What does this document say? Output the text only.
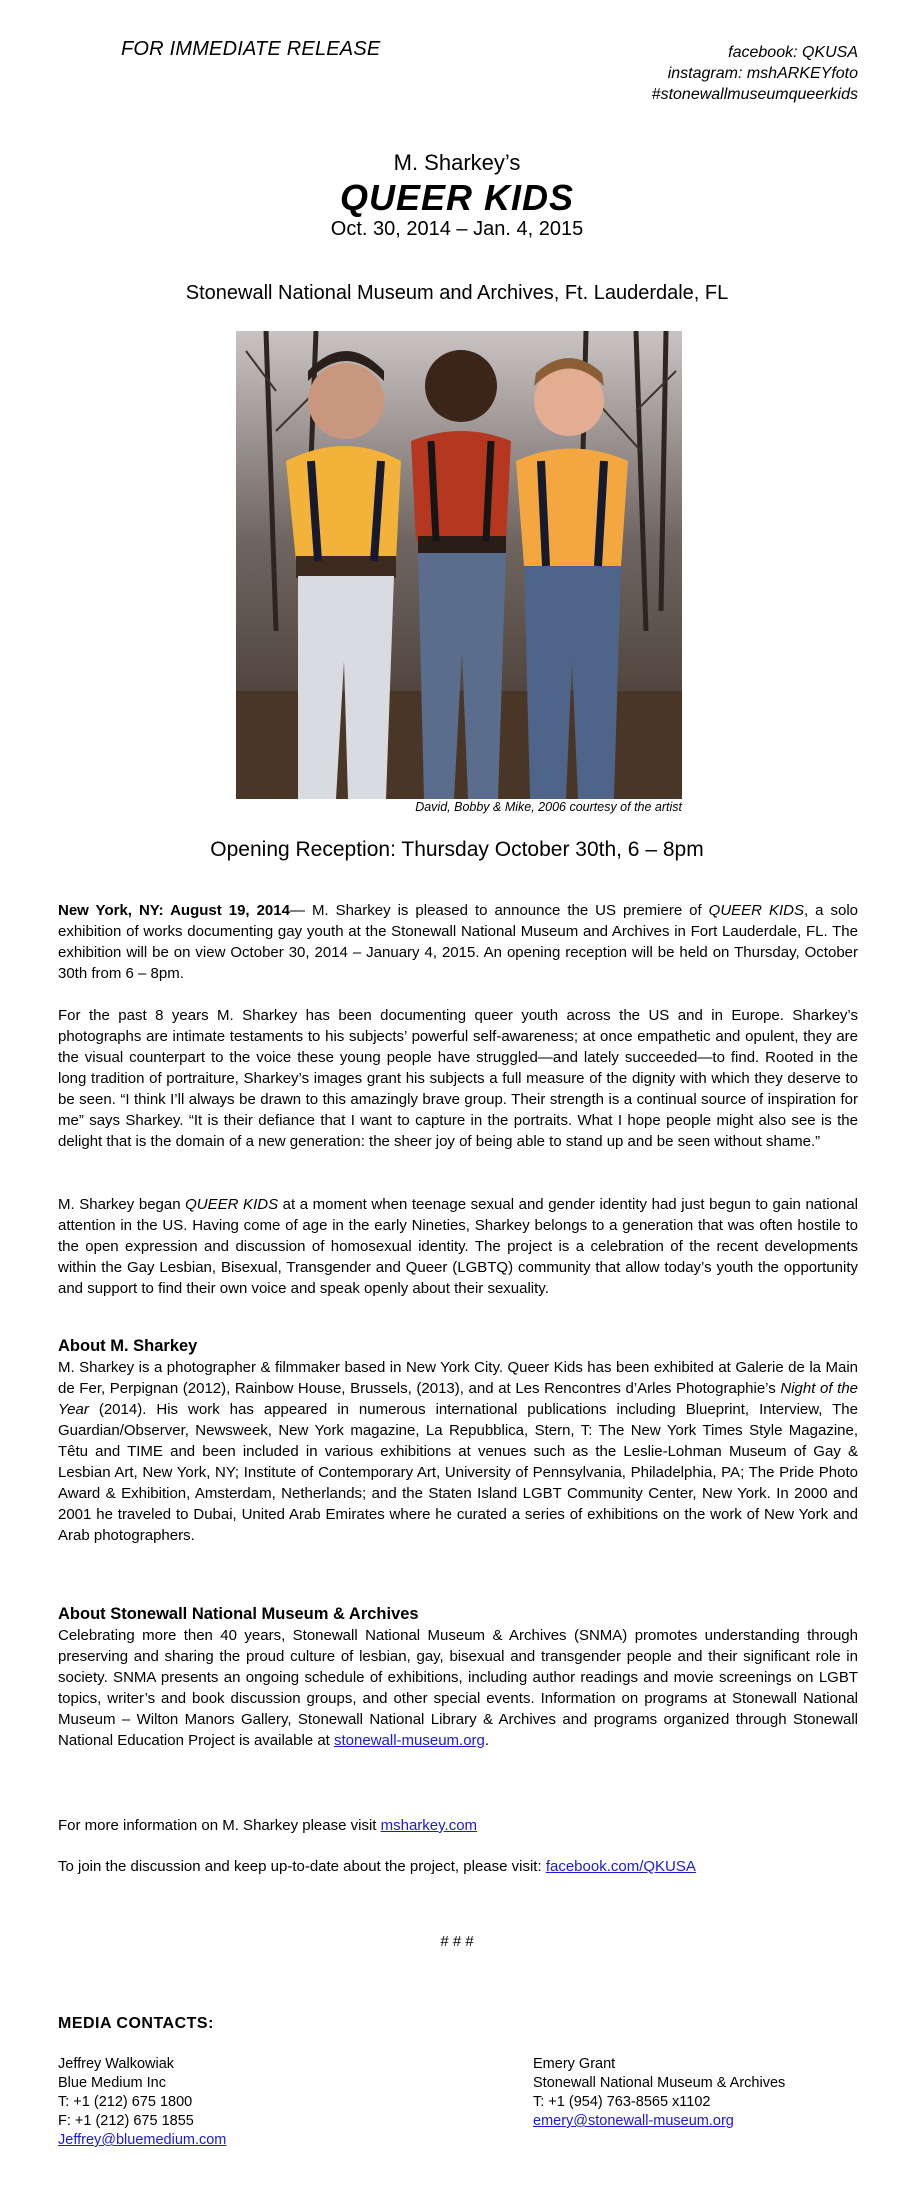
FOR IMMEDIATE RELEASE	facebook: QKUSA
instagram: mshARKEYfoto
#stonewallmuseumqueerkids
M. Sharkey’s
QUEER KIDS
Oct. 30, 2014 – Jan. 4, 2015
Stonewall National Museum and Archives, Ft. Lauderdale, FL
David, Bobby & Mike, 2006 courtesy of the artist
Opening Reception: Thursday October 30th, 6 – 8pm

New York, NY: August 19, 2014— M. Sharkey is pleased to announce the US premiere of QUEER KIDS, a solo exhibition of works documenting gay youth at the Stonewall National Museum and Archives in Fort Lauderdale, FL. The exhibition will be on view October 30, 2014 – January 4, 2015. An opening reception will be held on Thursday, October 30th from 6 – 8pm.

For the past 8 years M. Sharkey has been documenting queer youth across the US and in Europe. Sharkey’s photographs are intimate testaments to his subjects’ powerful self-awareness; at once empathetic and opulent, they are the visual counterpart to the voice these young people have struggled—and lately succeeded—to find. Rooted in the long tradition of portraiture, Sharkey’s images grant his subjects a full measure of the dignity with which they deserve to be seen. “I think I’ll always be drawn to this amazingly brave group. Their strength is a continual source of inspiration for me” says Sharkey. “It is their defiance that I want to capture in the portraits. What I hope people might also see is the delight that is the domain of a new generation: the sheer joy of being able to stand up and be seen without shame.”

M. Sharkey began QUEER KIDS at a moment when teenage sexual and gender identity had just begun to gain national attention in the US. Having come of age in the early Nineties, Sharkey belongs to a generation that was often hostile to the open expression and discussion of homosexual identity. The project is a celebration of the recent developments within the Gay Lesbian, Bisexual, Transgender and Queer (LGBTQ) community that allow today’s youth the opportunity and support to find their own voice and speak openly about their sexuality.

About M. Sharkey

M. Sharkey is a photographer & filmmaker based in New York City. Queer Kids has been exhibited at Galerie de la Main de Fer, Perpignan (2012), Rainbow House, Brussels, (2013), and at Les Rencontres d’Arles Photographie’s Night of the Year (2014). His work has appeared in numerous international publications including Blueprint, Interview, The Guardian/Observer, Newsweek, New York magazine, La Repubblica, Stern, T: The New York Times Style Magazine, Têtu and TIME and been included in various exhibitions at venues such as the Leslie-Lohman Museum of Gay & Lesbian Art, New York, NY; Institute of Contemporary Art, University of Pennsylvania, Philadelphia, PA; The Pride Photo Award & Exhibition, Amsterdam, Netherlands; and the Staten Island LGBT Community Center, New York. In 2000 and 2001 he traveled to Dubai, United Arab Emirates where he curated a series of exhibitions on the work of New York and Arab photographers.

About Stonewall National Museum & Archives

Celebrating more then 40 years, Stonewall National Museum & Archives (SNMA) promotes understanding through preserving and sharing the proud culture of lesbian, gay, bisexual and transgender people and their significant role in society. SNMA presents an ongoing schedule of exhibitions, including author readings and movie screenings on LGBT topics, writer’s and book discussion groups, and other special events. Information on programs at Stonewall National Museum – Wilton Manors Gallery, Stonewall National Library & Archives and programs organized through Stonewall National Education Project is available at stonewall-museum.org.

For more information on M. Sharkey please visit msharkey.com

To join the discussion and keep up-to-date about the project, please visit: facebook.com/QKUSA

# # #
MEDIA CONTACTS:
Jeffrey Walkowiak
Blue Medium Inc
T: +1 (212) 675 1800
F: +1 (212) 675 1855
Jeffrey@bluemedium.com
Emery Grant
Stonewall National Museum & Archives
T: +1 (954) 763-8565 x1102
emery@stonewall-museum.org
